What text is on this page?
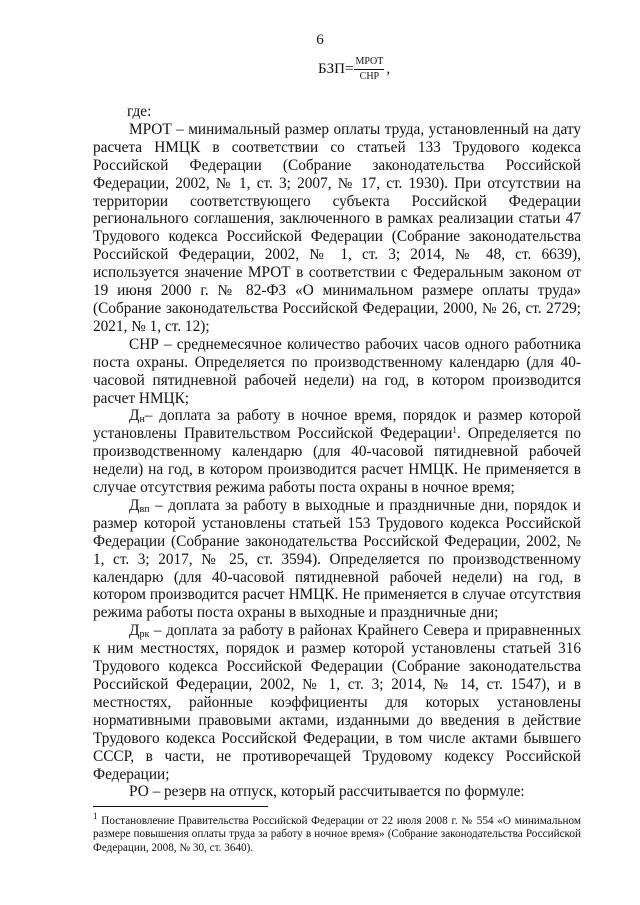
6
БЗП = $\frac{\text{МРОТ}}{\text{СНР}}$ ,

где:

МРОТ – минимальный размер оплаты труда, установленный на дату расчета НМЦК в соответствии со статьей 133 Трудового кодекса Российской Федерации (Собрание законодательства Российской Федерации, 2002, № 1, ст. 3; 2007, № 17, ст. 1930). При отсутствии на территории соответствующего субъекта Российской Федерации регионального соглашения, заключенного в рамках реализации статьи 47 Трудового кодекса Российской Федерации (Собрание законодательства Российской Федерации, 2002, № 1, ст. 3; 2014, № 48, ст. 6639), используется значение МРОТ в соответствии с Федеральным законом от 19 июня 2000 г. № 82-ФЗ «О минимальном размере оплаты труда» (Собрание законодательства Российской Федерации, 2000, № 26, ст. 2729; 2021, № 1, ст. 12);

СНР – среднемесячное количество рабочих часов одного работника поста охраны. Определяется по производственному календарю (для 40-часовой пятидневной рабочей недели) на год, в котором производится расчет НМЦК;

$Д_н-$ доплата за работу в ночное время, порядок и размер которой установлены Правительством Российской Федерации$^1$. Определяется по производственному календарю (для 40-часовой пятидневной рабочей недели) на год, в котором производится расчет НМЦК. Не применяется в случае отсутствия режима работы поста охраны в ночное время;

$Д_{вп}$ – доплата за работу в выходные и праздничные дни, порядок и размер которой установлены статьей 153 Трудового кодекса Российской Федерации (Собрание законодательства Российской Федерации, 2002, № 1, ст. 3; 2017, № 25, ст. 3594). Определяется по производственному календарю (для 40-часовой пятидневной рабочей недели) на год, в котором производится расчет НМЦК. Не применяется в случае отсутствия режима работы поста охраны в выходные и праздничные дни;

$Д_{рк}$ – доплата за работу в районах Крайнего Севера и приравненных к ним местностях, порядок и размер которой установлены статьей 316 Трудового кодекса Российской Федерации (Собрание законодательства Российской Федерации, 2002, № 1, ст. 3; 2014, № 14, ст. 1547), и в местностях, районные коэффициенты для которых установлены нормативными правовыми актами, изданными до введения в действие Трудового кодекса Российской Федерации, в том числе актами бывшего СССР, в части, не противоречащей Трудовому кодексу Российской Федерации;

РО – резерв на отпуск, который рассчитывается по формуле:

$^1$ Постановление Правительства Российской Федерации от 22 июля 2008 г. № 554 «О минимальном размере повышения оплаты труда за работу в ночное время» (Собрание законодательства Российской Федерации, 2008, № 30, ст. 3640).
